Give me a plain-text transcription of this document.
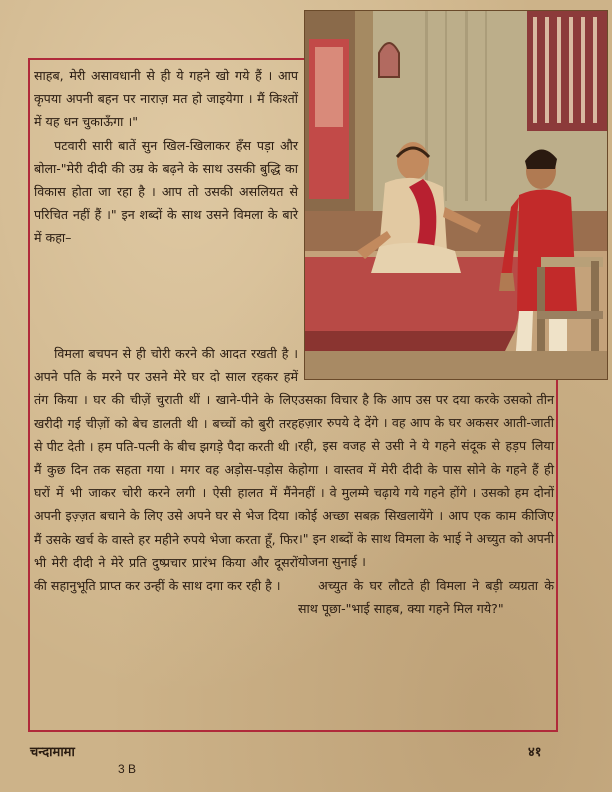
साहब, मेरी असावधानी से ही ये गहने खो गये हैं । आप कृपया अपनी बहन पर नाराज़ मत हो जाइयेगा । मैं किश्तों में यह धन चुकाऊँगा ।"

पटवारी सारी बातें सुन खिल-खिलाकर हँस पड़ा और बोला-"मेरी दीदी की उम्र के बढ़ने के साथ उसकी बुद्धि का विकास होता जा रहा है । आप तो उसकी असलियत से परिचित नहीं हैं ।" इन शब्दों के साथ उसने विमला के बारे में कहा–

विमला बचपन से ही चोरी करने की आदत रखती है । अपने पति के मरने पर उसने मेरे घर दो साल रहकर हमें तंग किया । घर की चीज़ें चुराती थीं । खाने-पीने के लिए खरीदी गई चीज़ों को बेच डालती थी । बच्चों को बुरी तरह से पीट देती । हम पति-पत्नी के बीच झगड़े पैदा करती थी । मैं कुछ दिन तक सहता गया । मगर वह अड़ोस-पड़ोस के घरों में भी जाकर चोरी करने लगी । ऐसी हालत में मैंने अपनी इज़्ज़त बचाने के लिए उसे अपने घर से भेज दिया । मैं उसके खर्च के वास्ते हर महीने रुपये भेजा करता हूँ, फिर भी मेरी दीदी ने मेरे प्रति दुष्प्रचार प्रारंभ किया और दूसरों की सहानुभूति प्राप्त कर उन्हीं के साथ दगा कर रही है ।

उसका विचार है कि आप उस पर दया करके उसको तीन हज़ार रुपये दे देंगे । वह आप के घर अकसर आती-जाती रही, इस वजह से उसी ने ये गहने संदूक से हड़प लिया होगा । वास्तव में मेरी दीदी के पास सोने के गहने हैं ही नहीं । वे मुलम्मे चढ़ाये गये गहने होंगे । उसको हम दोनों कोई अच्छा सबक़ सिखलायेंगे । आप एक काम कीजिए ।" इन शब्दों के साथ विमला के भाई ने अच्युत को अपनी योजना सुनाई ।

अच्युत के घर लौटते ही विमला ने बड़ी व्यग्रता के साथ पूछा-"भाई साहब, क्या गहने मिल गये?"

चन्दामामा
3 B
४१
